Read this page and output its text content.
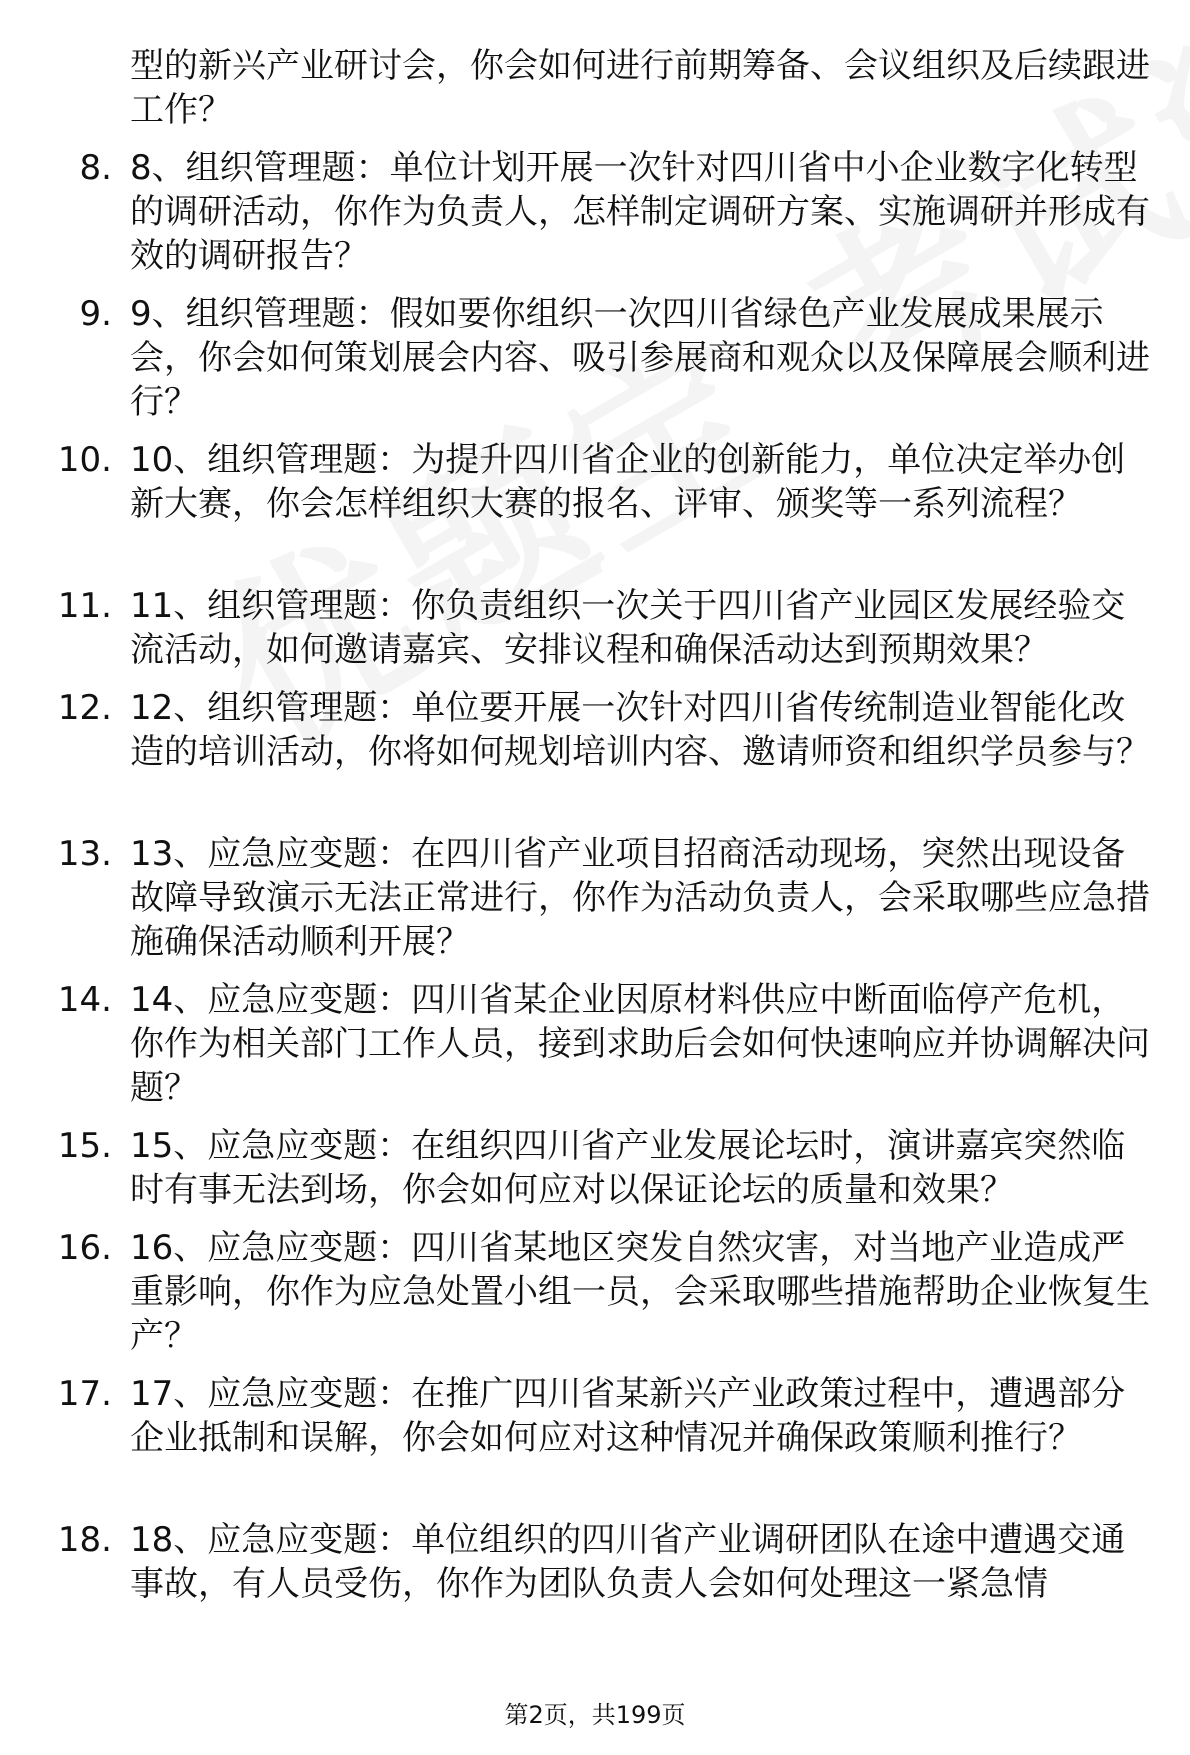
型的新兴产业研讨会，你会如何进行前期筹备、会议组织及后续跟进工作？
8. 8、组织管理题：单位计划开展一次针对四川省中小企业数字化转型的调研活动，你作为负责人，怎样制定调研方案、实施调研并形成有效的调研报告？
9. 9、组织管理题：假如要你组织一次四川省绿色产业发展成果展示会，你会如何策划展会内容、吸引参展商和观众以及保障展会顺利进行？
10. 10、组织管理题：为提升四川省企业的创新能力，单位决定举办创新大赛，你会怎样组织大赛的报名、评审、颁奖等一系列流程？
11. 11、组织管理题：你负责组织一次关于四川省产业园区发展经验交流活动，如何邀请嘉宾、安排议程和确保活动达到预期效果？
12. 12、组织管理题：单位要开展一次针对四川省传统制造业智能化改造的培训活动，你将如何规划培训内容、邀请师资和组织学员参与？
13. 13、应急应变题：在四川省产业项目招商活动现场，突然出现设备故障导致演示无法正常进行，你作为活动负责人，会采取哪些应急措施确保活动顺利开展？
14. 14、应急应变题：四川省某企业因原材料供应中断面临停产危机，你作为相关部门工作人员，接到求助后会如何快速响应并协调解决问题？
15. 15、应急应变题：在组织四川省产业发展论坛时，演讲嘉宾突然临时有事无法到场，你会如何应对以保证论坛的质量和效果？
16. 16、应急应变题：四川省某地区突发自然灾害，对当地产业造成严重影响，你作为应急处置小组一员，会采取哪些措施帮助企业恢复生产？
17. 17、应急应变题：在推广四川省某新兴产业政策过程中，遭遇部分企业抵制和误解，你会如何应对这种情况并确保政策顺利推行？
18. 18、应急应变题：单位组织的四川省产业调研团队在途中遭遇交通事故，有人员受伤，你作为团队负责人会如何处理这一紧急情
第2页，共199页
